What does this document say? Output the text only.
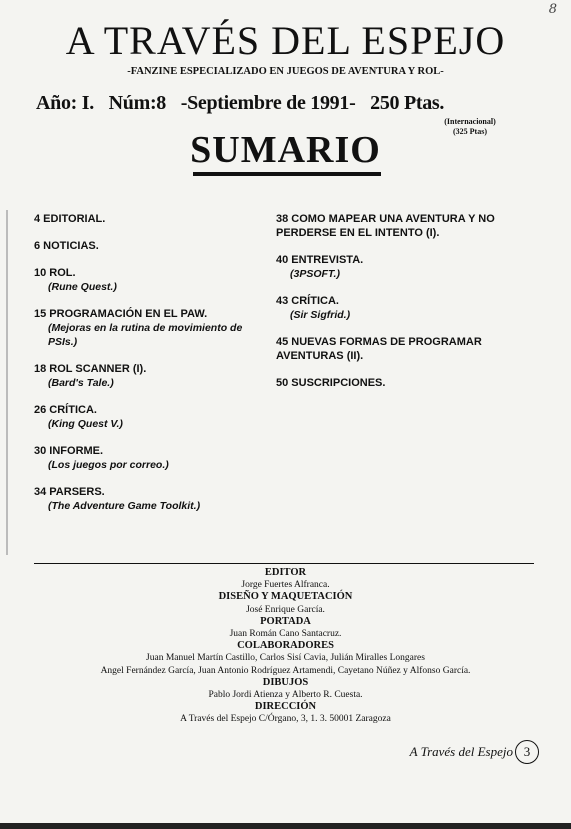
8
A TRAVÉS DEL ESPEJO
-FANZINE ESPECIALIZADO EN JUEGOS DE AVENTURA Y ROL-
Año: I. Núm:8 -Septiembre de 1991- 250 Ptas.
(Internacional)
(325 Ptas)
SUMARIO
4 EDITORIAL.
6 NOTICIAS.
10 ROL.
(Rune Quest.)
15 PROGRAMACIÓN EN EL PAW.
(Mejoras en la rutina de movimiento de PSIs.)
18 ROL SCANNER (I).
(Bard's Tale.)
26 CRÍTICA.
(King Quest V.)
30 INFORME.
(Los juegos por correo.)
34 PARSERS.
(The Adventure Game Toolkit.)
38 COMO MAPEAR UNA AVENTURA Y NO PERDERSE EN EL INTENTO (I).
40 ENTREVISTA.
(3PSOFT.)
43 CRÍTICA.
(Sir Sigfrid.)
45 NUEVAS FORMAS DE PROGRAMAR AVENTURAS (II).
50 SUSCRIPCIONES.
EDITOR
Jorge Fuertes Alfranca.
DISEÑO Y MAQUETACIÓN
José Enrique García.
PORTADA
Juan Román Cano Santacruz.
COLABORADORES
Juan Manuel Martín Castillo, Carlos Sisí Cavia, Julián Miralles Longares
Angel Fernández García, Juan Antonio Rodríguez Artamendi, Cayetano Núñez y Alfonso García.
DIBUJOS
Pablo Jordi Atienza y Alberto R. Cuesta.
DIRECCIÓN
A Través del Espejo C/Órgano, 3, 1. 3. 50001 Zaragoza
A Través del Espejo 3
